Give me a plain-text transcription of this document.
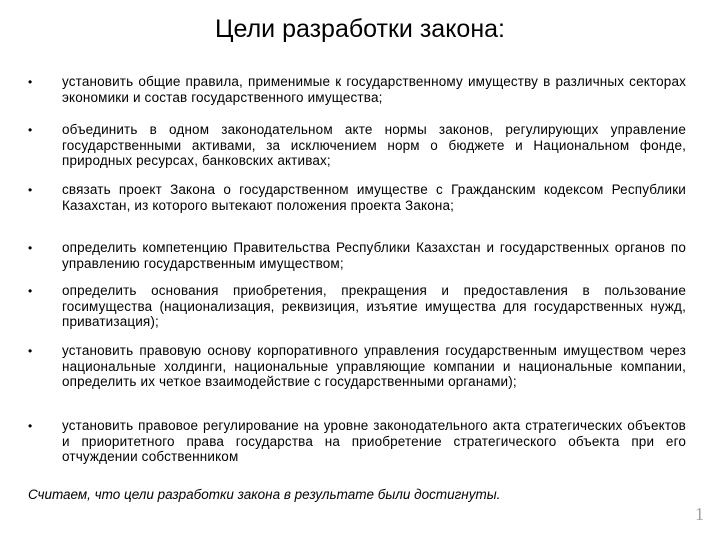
Цели разработки закона:
• установить общие правила, применимые к государственному имуществу в различных секторах экономики и состав государственного имущества;
• объединить в одном законодательном акте нормы законов, регулирующих управление государственными активами, за исключением норм о бюджете и Национальном фонде, природных ресурсах, банковских активах;
• связать проект Закона о государственном имуществе с Гражданским кодексом Республики Казахстан, из которого вытекают положения проекта Закона;
• определить компетенцию Правительства Республики Казахстан и государственных органов по управлению государственным имуществом;
• определить основания приобретения, прекращения и предоставления в пользование госимущества (национализация, реквизиция, изъятие имущества для государственных нужд, приватизация);
• установить правовую основу корпоративного управления государственным имуществом через национальные холдинги, национальные управляющие компании и национальные компании, определить их четкое взаимодействие с государственными органами);
• установить правовое регулирование на уровне законодательного акта стратегических объектов и приоритетного права государства на приобретение стратегического объекта при его отчуждении собственником
Считаем, что цели разработки закона в результате были достигнуты.
1
